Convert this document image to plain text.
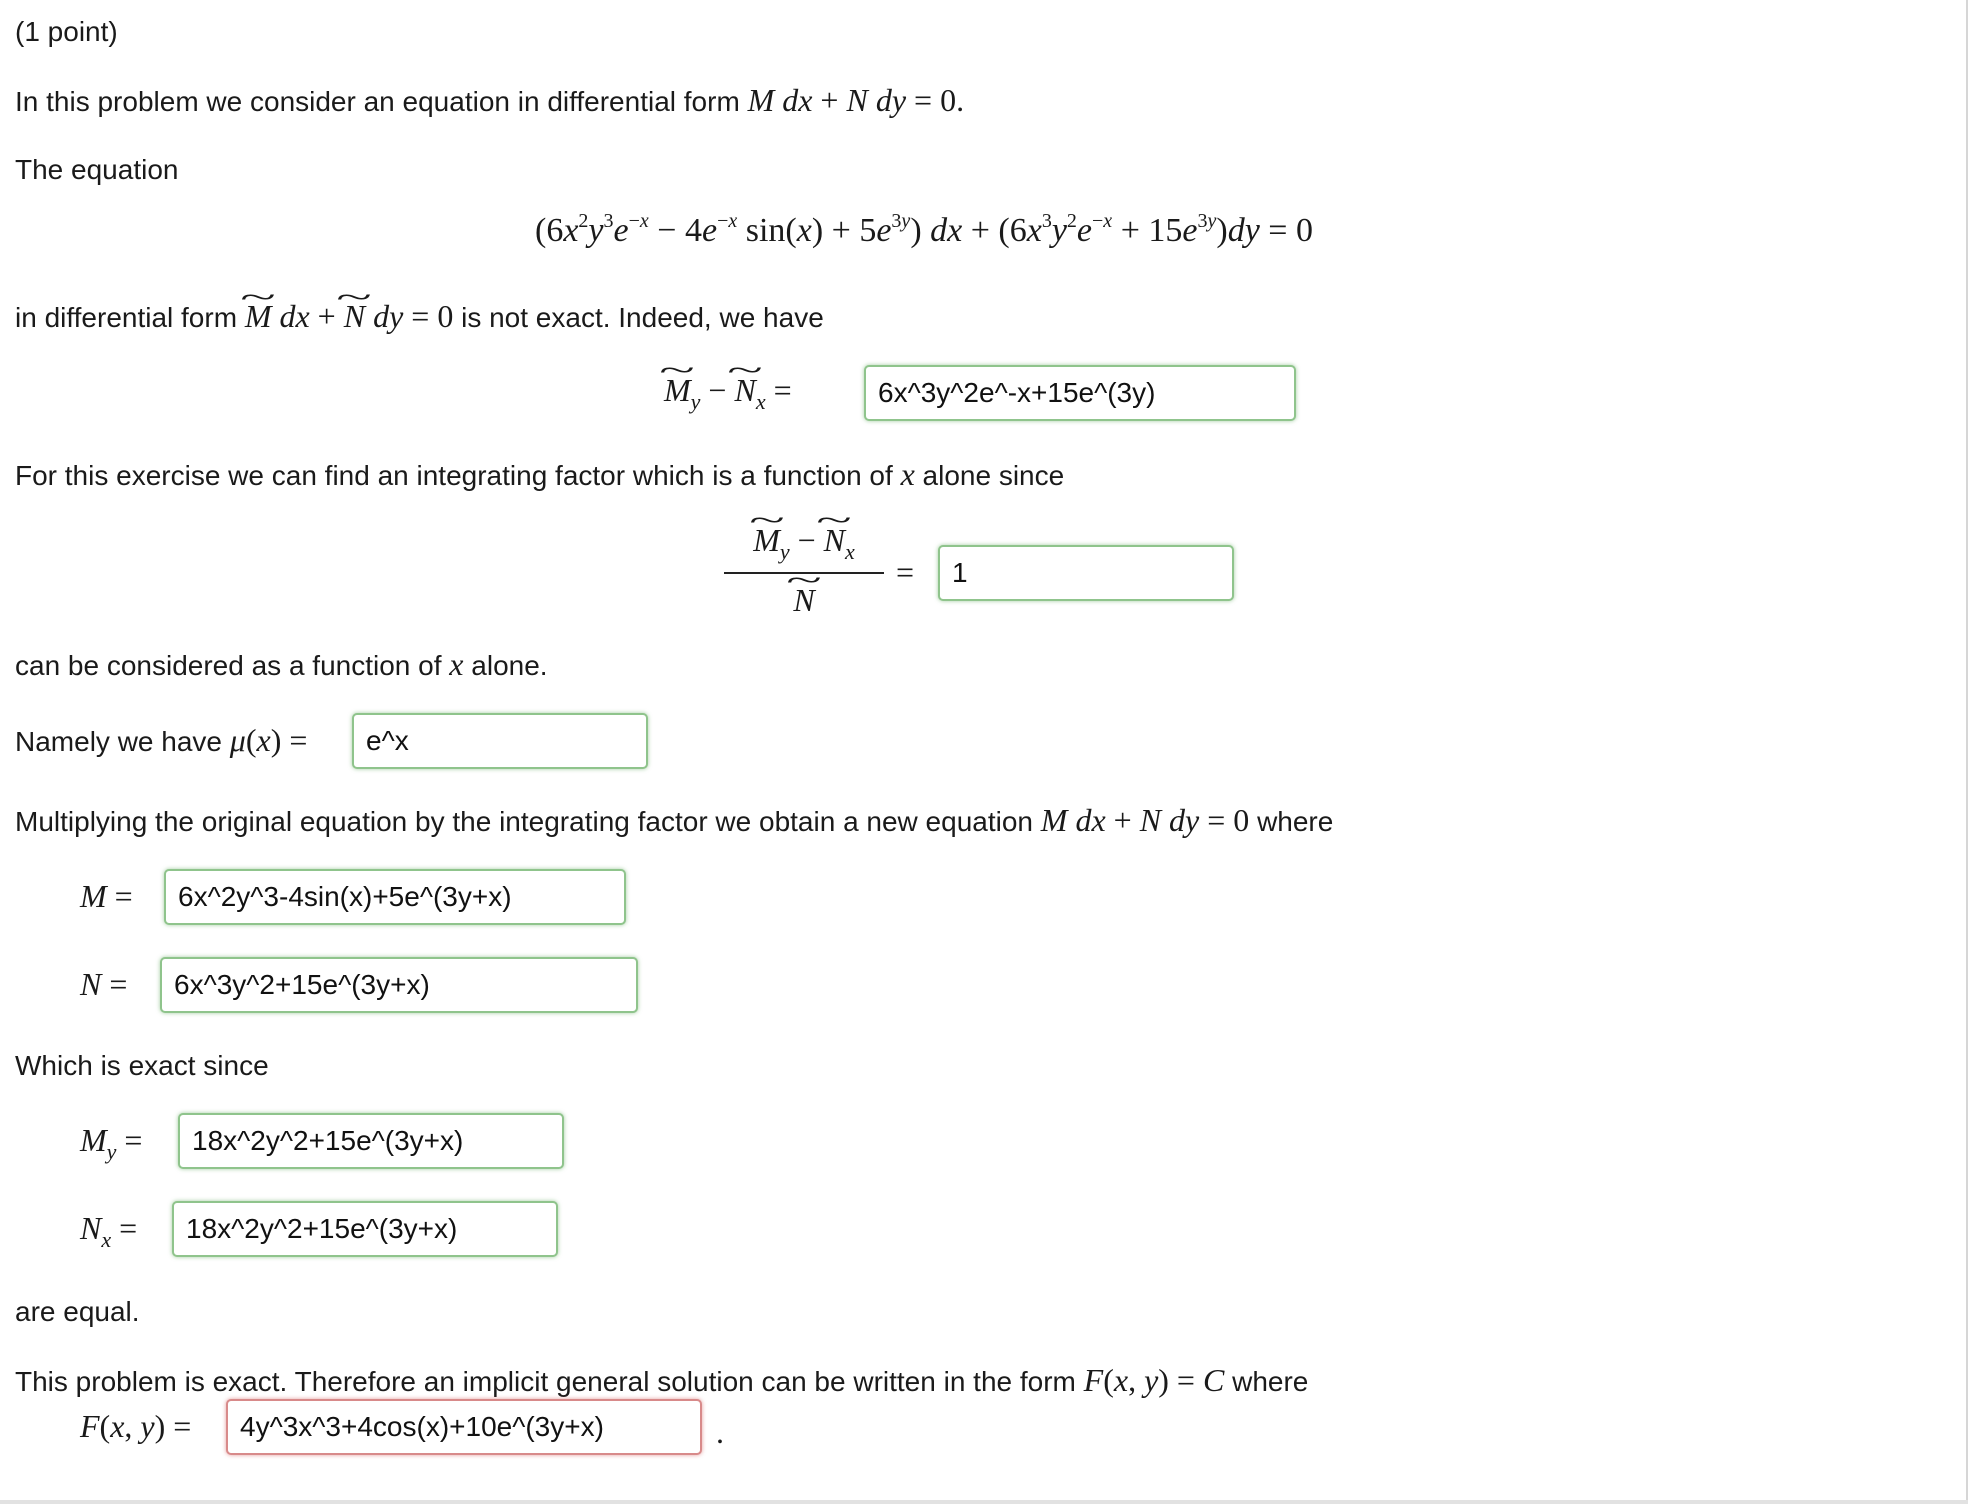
(1 point)
In this problem we consider an equation in differential form M dx + N dy = 0.
The equation
($6x^2y^3e^{-x} - 4e^{-x}$ $\sin(x) + 5e^{3y}$) dx + $(6x^3y^2e^{-x} + 15e^{3y})dy = 0$
in differential form ~ M dx + ~ N dy = 0 is not exact. Indeed, we have
~ $M_y$ − ~ $N_x$ =	6x^3y^2e^-x+15e^(3y)
For this exercise we can find an integrating factor which is a function of x alone since
~ $M_y$ − ~ $N_x$
~ N
=	1
can be considered as a function of x alone.
Namely we have μ(x) =	e^x
Multiplying the original equation by the integrating factor we obtain a new equation M dx + N dy = 0 where
M =	6x^2y^3-4sin(x)+5e^(3y+x)
N =	6x^3y^2+15e^(3y+x)
Which is exact since
$M_y$ =	18x^2y^2+15e^(3y+x)
$N_x$ =	18x^2y^2+15e^(3y+x)
are equal.
This problem is exact. Therefore an implicit general solution can be written in the form F(x, y) = C where
F(x, y) =	4y^3x^3+4cos(x)+10e^(3y+x)	.
